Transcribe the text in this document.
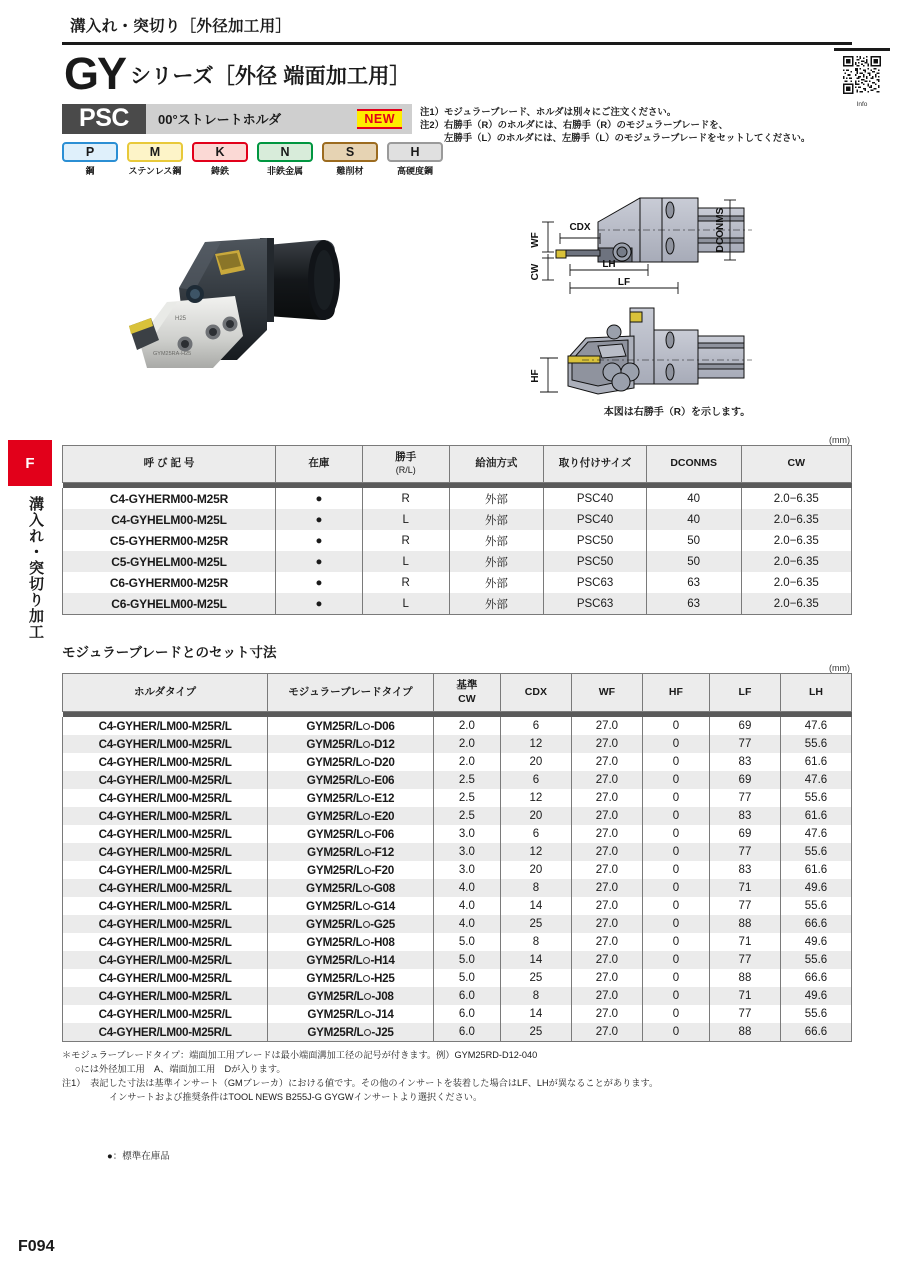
F
溝入れ・突切り加工
溝入れ・突切り［外径加工用］
GY シリーズ［外径 端面加工用］
PSC	00°ストレートホルダ	NEW
注1）モジュラーブレード、ホルダは別々にご注文ください。
注2）右勝手（R）のホルダには、右勝手（R）のモジュラーブレードを、
左勝手（L）のホルダには、左勝手（L）のモジュラーブレードをセットしてください。
P
鋼
M
ステンレス鋼
K
鋳鉄
N
非鉄金属
S
難削材
H
高硬度鋼
H25
GYM25RA-H25
WF
CW
CDX
LH
LF
DCONMS
HF
本図は右勝手（R）を示します。
(mm)

呼 び 記 号	在庫	勝手
(R/L)	給油方式	取り付けサイズ	DCONMS	CW
C4-GYHERM00-M25R	●	R	外部	PSC40	40	2.0−6.35
C4-GYHELM00-M25L	●	L	外部	PSC40	40	2.0−6.35
C5-GYHERM00-M25R	●	R	外部	PSC50	50	2.0−6.35
C5-GYHELM00-M25L	●	L	外部	PSC50	50	2.0−6.35
C6-GYHERM00-M25R	●	R	外部	PSC63	63	2.0−6.35
C6-GYHELM00-M25L	●	L	外部	PSC63	63	2.0−6.35
モジュラーブレードとのセット寸法
(mm)

ホルダタイプ	モジュラーブレードタイプ	基準
CW	CDX	WF	HF	LF	LH
C4-GYHER/LM00-M25R/L	GYM25R/L -D06	2.0	6	27.0	0	69	47.6
C4-GYHER/LM00-M25R/L	GYM25R/L -D12	2.0	12	27.0	0	77	55.6
C4-GYHER/LM00-M25R/L	GYM25R/L -D20	2.0	20	27.0	0	83	61.6
C4-GYHER/LM00-M25R/L	GYM25R/L -E06	2.5	6	27.0	0	69	47.6
C4-GYHER/LM00-M25R/L	GYM25R/L -E12	2.5	12	27.0	0	77	55.6
C4-GYHER/LM00-M25R/L	GYM25R/L -E20	2.5	20	27.0	0	83	61.6
C4-GYHER/LM00-M25R/L	GYM25R/L -F06	3.0	6	27.0	0	69	47.6
C4-GYHER/LM00-M25R/L	GYM25R/L -F12	3.0	12	27.0	0	77	55.6
C4-GYHER/LM00-M25R/L	GYM25R/L -F20	3.0	20	27.0	0	83	61.6
C4-GYHER/LM00-M25R/L	GYM25R/L -G08	4.0	8	27.0	0	71	49.6
C4-GYHER/LM00-M25R/L	GYM25R/L -G14	4.0	14	27.0	0	77	55.6
C4-GYHER/LM00-M25R/L	GYM25R/L -G25	4.0	25	27.0	0	88	66.6
C4-GYHER/LM00-M25R/L	GYM25R/L -H08	5.0	8	27.0	0	71	49.6
C4-GYHER/LM00-M25R/L	GYM25R/L -H14	5.0	14	27.0	0	77	55.6
C4-GYHER/LM00-M25R/L	GYM25R/L -H25	5.0	25	27.0	0	88	66.6
C4-GYHER/LM00-M25R/L	GYM25R/L -J08	6.0	8	27.0	0	71	49.6
C4-GYHER/LM00-M25R/L	GYM25R/L -J14	6.0	14	27.0	0	77	55.6
C4-GYHER/LM00-M25R/L	GYM25R/L -J25	6.0	25	27.0	0	88	66.6
＊モジュラーブレードタイプ：端面加工用ブレードは最小端面溝加工径の記号が付きます。例）GYM25RD-D12-040
○には外径加工用　A、端面加工用　Dが入ります。
注1）　表記した寸法は基準インサート（GMブレーカ）における値です。その他のインサートを装着した場合はLF、LHが異なることがあります。
インサートおよび推奨条件はTOOL NEWS B255J-G GYGWインサートより選択ください。
●：標準在庫品
Info
F094
